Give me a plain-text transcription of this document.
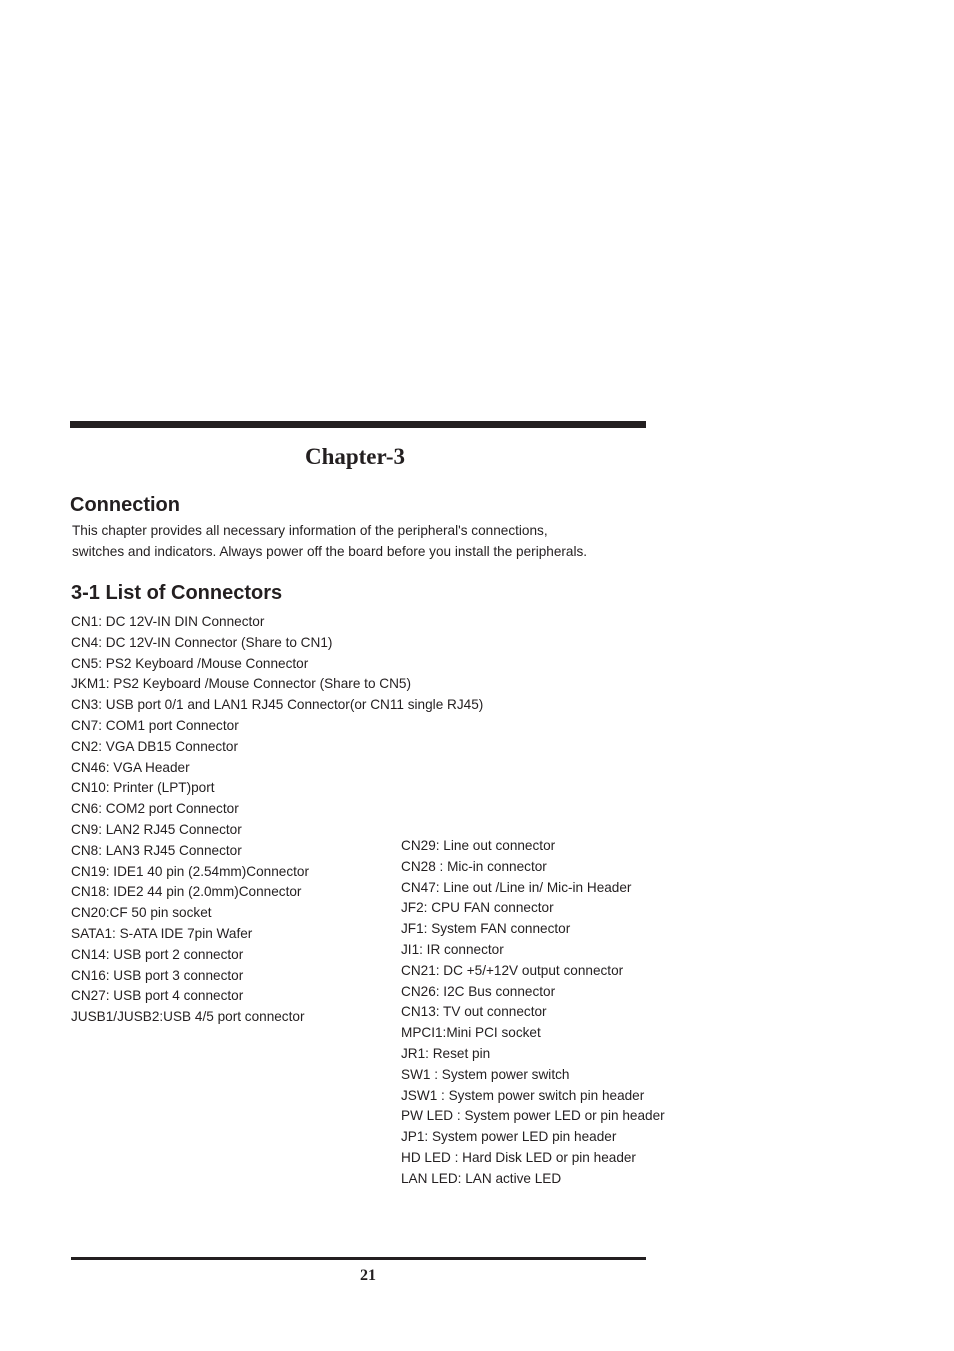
Chapter-3
Connection
This chapter provides all necessary information of the peripheral's connections,
switches and indicators. Always power off the board before you install the peripherals.
3-1 List of Connectors
CN1: DC 12V-IN DIN Connector
CN4: DC 12V-IN Connector (Share to CN1)
CN5: PS2 Keyboard /Mouse Connector
JKM1: PS2 Keyboard /Mouse Connector (Share to CN5)
CN3: USB port 0/1 and LAN1 RJ45 Connector(or CN11 single RJ45)
CN7: COM1 port Connector
CN2: VGA DB15 Connector
CN46: VGA Header
CN10: Printer (LPT)port
CN6: COM2 port Connector
CN9: LAN2 RJ45 Connector
CN8: LAN3 RJ45 Connector
CN19: IDE1 40 pin (2.54mm)Connector
CN18: IDE2 44 pin (2.0mm)Connector
CN20:CF 50 pin socket
SATA1: S-ATA IDE 7pin Wafer
CN14: USB port 2 connector
CN16: USB port 3 connector
CN27: USB port 4 connector
JUSB1/JUSB2:USB 4/5 port connector
CN29: Line out connector
CN28 : Mic-in connector
CN47: Line out /Line in/ Mic-in Header
JF2: CPU FAN connector
JF1: System FAN connector
JI1: IR connector
CN21: DC +5/+12V output connector
CN26: I2C Bus connector
CN13: TV out connector
MPCI1:Mini PCI socket
JR1: Reset pin
SW1 : System power switch
JSW1 : System power switch pin header
PW LED : System power LED or pin header
JP1: System power LED pin header
HD LED : Hard Disk LED or pin header
LAN LED: LAN active LED
21
